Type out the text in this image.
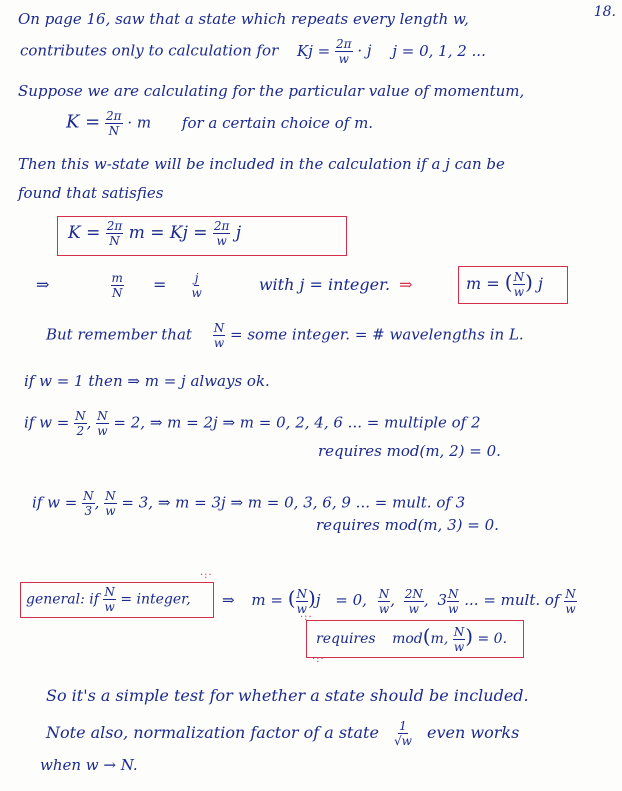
18.
On page 16, saw that a state which repeats every length w,
contributes only to calculation for $Kj = \frac{2\pi}{w} \cdot j$ j = 0, 1, 2 ...
Suppose we are calculating for the particular value of momentum,
$K = \frac{2\pi}{N} \cdot m$ for a certain choice of m.
Then this w-state will be included in the calculation if a j can be
found that satisfies
$K = \frac{2\pi}{N}$ $m = Kj = \frac{2\pi}{w}$ j
⇒	$\frac{m}{N} = \frac{j}{w}$	with j = integer. ⇒	m = ( $\frac{N}{w}$ ) j
But remember that $\frac{N}{w}$ = some integer. = # wavelengths in L.
if w = 1 then ⇒ m = j always ok.
if $w = \frac{N}{2}$ , $\frac{N}{w} = 2$, ⇒ m = 2j ⇒ m = 0, 2, 4, 6 ... = multiple of 2
requires mod(m, 2) = 0.
if $w = \frac{N}{3}$ , $\frac{N}{w} = 3$, ⇒ m = 3j ⇒ m = 0, 3, 6, 9 ... = mult. of 3
requires mod(m, 3) = 0.
·:·
general: if $\frac{N}{w}$ = integer, ⇒ m = ( $\frac{N}{w} )j = 0$, $\frac{N}{w}$ , $\frac{2N}{w}$ , $3 \frac{N}{w}$ ... = mult. of $\frac{N}{w}$
·:·
·:·
requires mod(m, $\frac{N}{w}$ ) = 0.
So it's a simple test for whether a state should be included.
Note also, normalization factor of a state $\frac{1}{√w}$ even works
when w → N.
